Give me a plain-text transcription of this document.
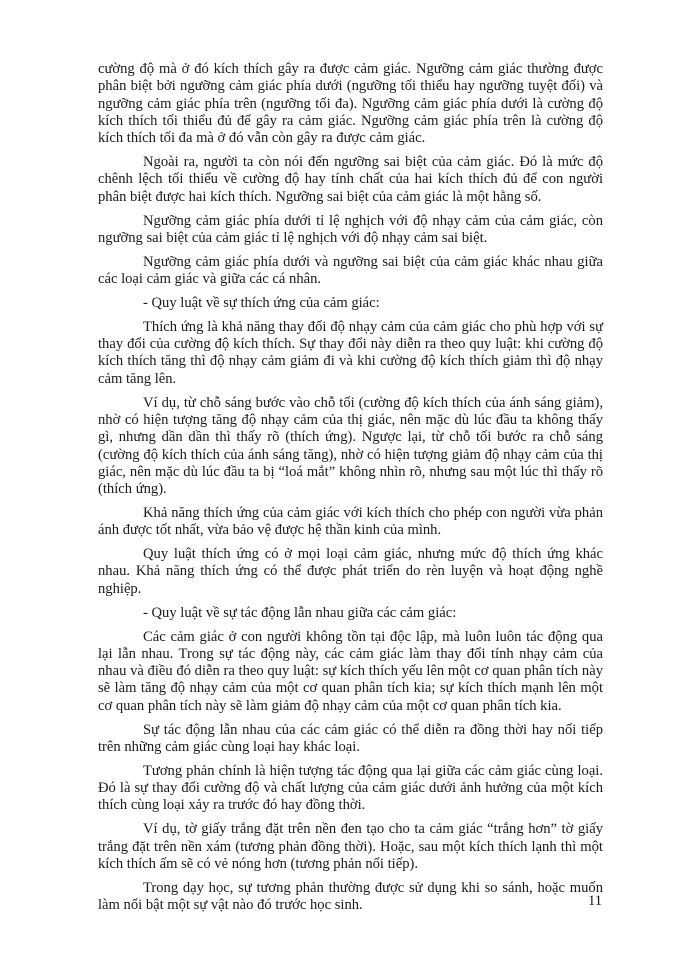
cường độ mà ở đó kích thích gây ra được cảm giác. Ngưỡng cảm giác thường được phân biệt bởi ngưỡng cảm giác phía dưới (ngưỡng tối thiểu hay ngưỡng tuyệt đối) và ngưỡng cảm giác phía trên (ngưỡng tối đa). Ngưỡng cảm giác phía dưới là cường độ kích thích tối thiểu đủ để gây ra cảm giác. Ngưỡng cảm giác phía trên là cường độ kích thích tối đa mà ở đó vẫn còn gây ra được cảm giác.

Ngoài ra, người ta còn nói đến ngưỡng sai biệt của cảm giác. Đó là mức độ chênh lệch tối thiểu về cường độ hay tính chất của hai kích thích đủ để con người phân biệt được hai kích thích. Ngưỡng sai biệt của cảm giác là một hằng số.

Ngưỡng cảm giác phía dưới tỉ lệ nghịch với độ nhạy cảm của cảm giác, còn ngưỡng sai biệt của cảm giác tỉ lệ nghịch với độ nhạy cảm sai biệt.

Ngưỡng cảm giác phía dưới và ngưỡng sai biệt của cảm giác khác nhau giữa các loại cảm giác và giữa các cá nhân.

- Quy luật về sự thích ứng của cảm giác:

Thích ứng là khả năng thay đổi độ nhạy cảm của cảm giác cho phù hợp với sự thay đổi của cường độ kích thích. Sự thay đổi này diễn ra theo quy luật: khi cường độ kích thích tăng thì độ nhạy cảm giảm đi và khi cường độ kích thích giảm thì độ nhạy cảm tăng lên.

Ví dụ, từ chỗ sáng bước vào chỗ tối (cường độ kích thích của ánh sáng giảm), nhờ có hiện tượng tăng độ nhạy cảm của thị giác, nên mặc dù lúc đầu ta không thấy gì, nhưng dần dần thì thấy rõ (thích ứng). Ngược lại, từ chỗ tối bước ra chỗ sáng (cường độ kích thích của ánh sáng tăng), nhờ có hiện tượng giảm độ nhạy cảm của thị giác, nên mặc dù lúc đầu ta bị “loá mắt” không nhìn rõ, nhưng sau một lúc thì thấy rõ (thích ứng).

Khả năng thích ứng của cảm giác với kích thích cho phép con người vừa phản ánh được tốt nhất, vừa bảo vệ được hệ thần kinh của mình.

Quy luật thích ứng có ở mọi loại cảm giác, nhưng mức độ thích ứng khác nhau. Khả năng thích ứng có thể được phát triển do rèn luyện và hoạt động nghề nghiệp.

- Quy luật về sự tác động lẫn nhau giữa các cảm giác:

Các cảm giác ở con người không tồn tại độc lập, mà luôn luôn tác động qua lại lẫn nhau. Trong sự tác động này, các cảm giác làm thay đổi tính nhạy cảm của nhau và điều đó diễn ra theo quy luật: sự kích thích yếu lên một cơ quan phân tích này sẽ làm tăng độ nhạy cảm của một cơ quan phân tích kia; sự kích thích mạnh lên một cơ quan phân tích này sẽ làm giảm độ nhạy cảm của một cơ quan phân tích kia.

Sự tác động lẫn nhau của các cảm giác có thể diễn ra đồng thời hay nối tiếp trên những cảm giác cùng loại hay khác loại.

Tương phản chính là hiện tượng tác động qua lại giữa các cảm giác cùng loại. Đó là sự thay đổi cường độ và chất lượng của cảm giác dưới ảnh hưởng của một kích thích cùng loại xảy ra trước đó hay đồng thời.

Ví dụ, tờ giấy trắng đặt trên nền đen tạo cho ta cảm giác “trắng hơn” tờ giấy trắng đặt trên nền xám (tương phản đồng thời). Hoặc, sau một kích thích lạnh thì một kích thích ấm sẽ có vẻ nóng hơn (tương phản nối tiếp).

Trong dạy học, sự tương phản thường được sử dụng khi so sánh, hoặc muốn làm nổi bật một sự vật nào đó trước học sinh.	11
